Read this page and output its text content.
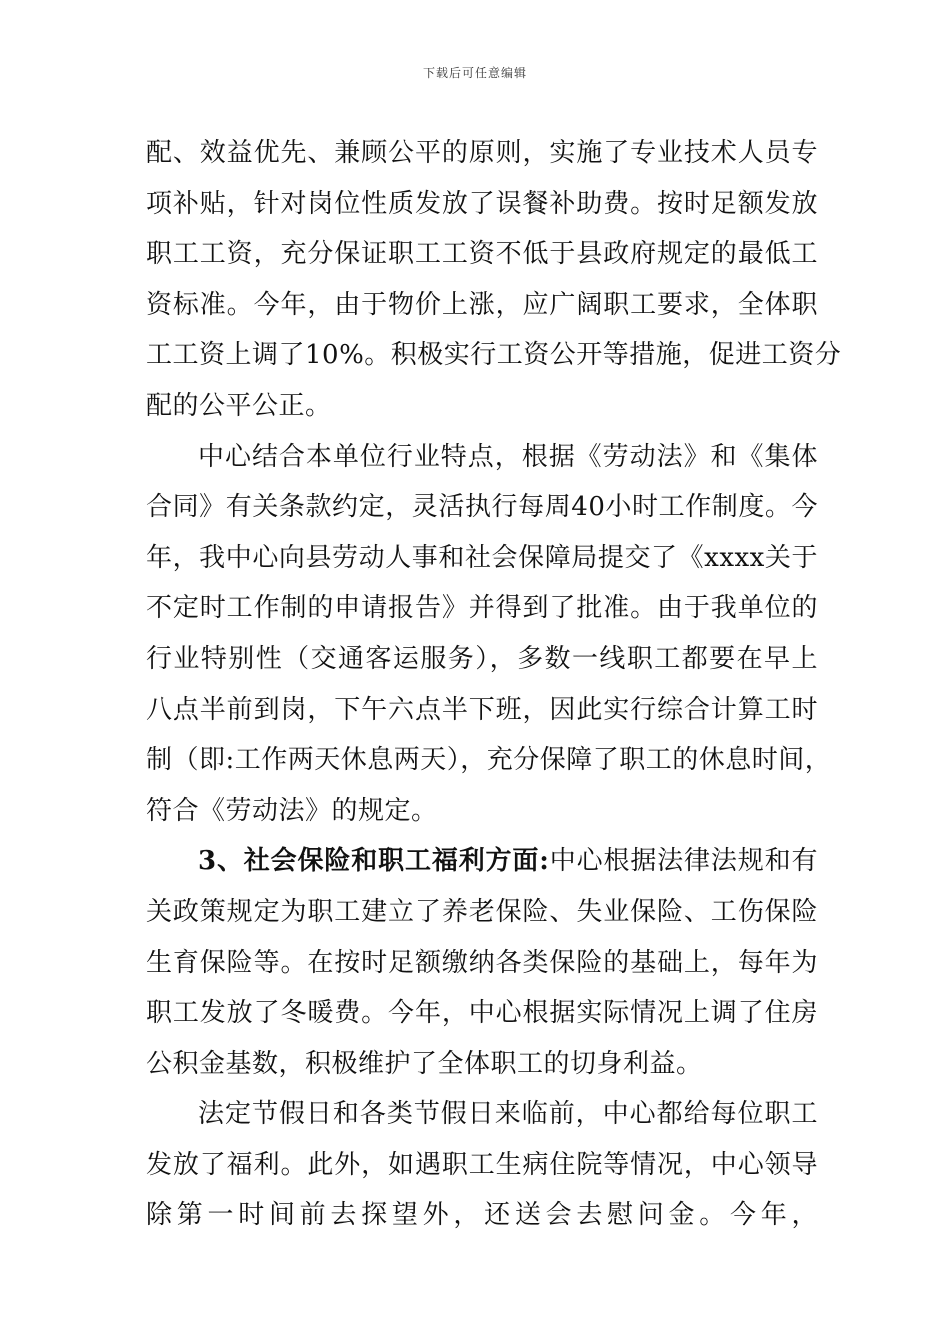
下载后可任意编辑
配、效益优先、兼顾公平的原则，实施了专业技术人员专
项补贴，针对岗位性质发放了误餐补助费。按时足额发放
职工工资，充分保证职工工资不低于县政府规定的最低工
资标准。今年，由于物价上涨，应广阔职工要求，全体职
工工资上调了10%。积极实行工资公开等措施，促进工资分
配的公平公正。
中心结合本单位行业特点，根据《劳动法》和《集体
合同》有关条款约定，灵活执行每周40小时工作制度。今
年，我中心向县劳动人事和社会保障局提交了《xxxx关于
不定时工作制的申请报告》并得到了批准。由于我单位的
行业特别性（交通客运服务），多数一线职工都要在早上
八点半前到岗，下午六点半下班，因此实行综合计算工时
制（即:工作两天休息两天），充分保障了职工的休息时间，
符合《劳动法》的规定。
3、社会保险和职工福利方面:中心根据法律法规和有
关政策规定为职工建立了养老保险、失业保险、工伤保险
生育保险等。在按时足额缴纳各类保险的基础上，每年为
职工发放了冬暖费。今年，中心根据实际情况上调了住房
公积金基数，积极维护了全体职工的切身利益。
法定节假日和各类节假日来临前，中心都给每位职工
发放了福利。此外，如遇职工生病住院等情况，中心领导
除第一时间前去探望外，还送会去慰问金。今年，
